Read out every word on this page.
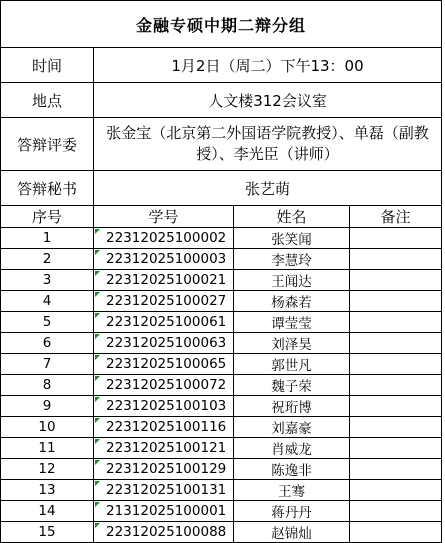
金融专硕中期二辩分组			
时间	1月2日（周二）下午13：00		
地点	人文楼312会议室		
答辩评委	张金宝（北京第二外国语学院教授）、单磊（副教授）、李光臣（讲师）		
答辩秘书	张艺萌		
序号	学号	姓名	备注
1	22312025100002	张笑闻	
2	22312025100003	李慧玲	
3	22312025100021	王闻达	
4	22312025100027	杨森若	
5	22312025100061	谭莹莹	
6	22312025100063	刘泽昊	
7	22312025100065	郭世凡	
8	22312025100072	魏子荣	
9	22312025100103	祝珩博	
10	22312025100116	刘嘉豪	
11	22312025100121	肖威龙	
12	22312025100129	陈逸非	
13	22312025100131	王骞	
14	21312025100001	蒋丹丹	
15	22312025100088	赵锦灿	
